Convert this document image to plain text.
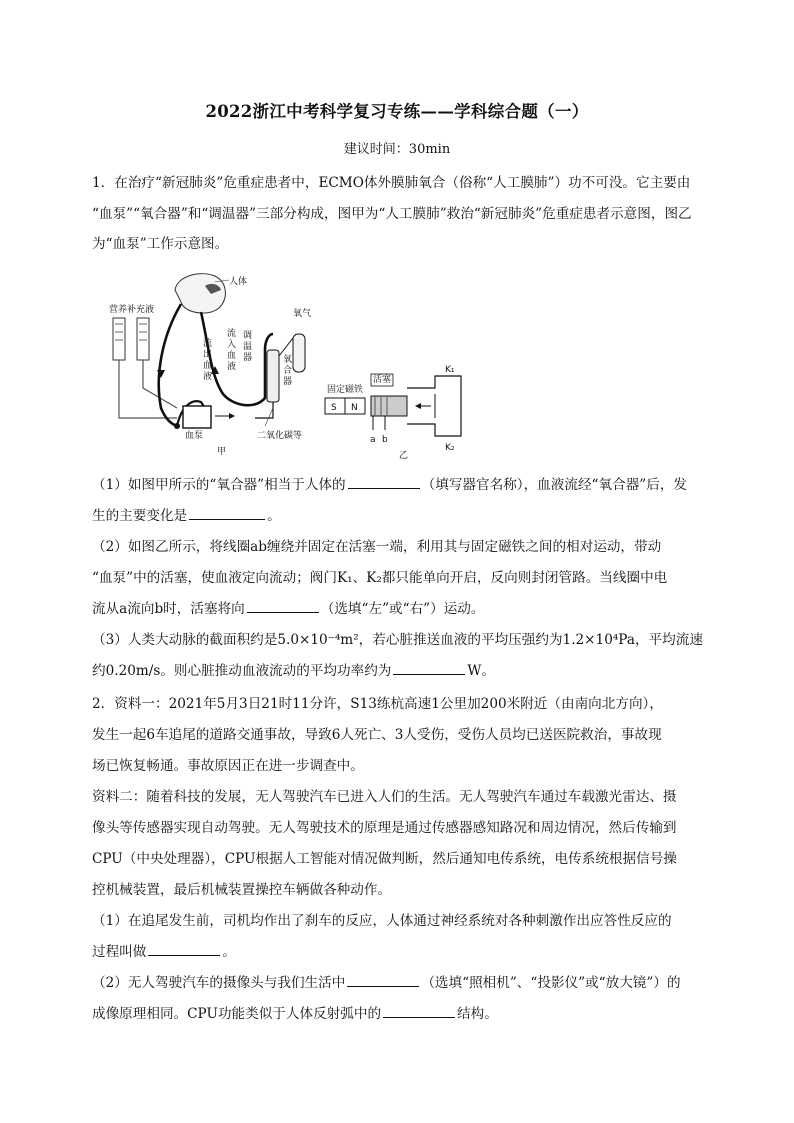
2022浙江中考科学复习专练——学科综合题（一）
建议时间：30min
1．在治疗“新冠肺炎”危重症患者中，ECMO体外膜肺氧合（俗称“人工膜肺”）功不可没。它主要由
“血泵”“氧合器”和“调温器”三部分构成，图甲为“人工膜肺”救治“新冠肺炎”危重症患者示意图，图乙
为“血泵”工作示意图。
人体
营养补充液
流出血液
流入血液
调温器	氧合器
氧气
血泵	二氧化碳等
甲
固定磁铁
S N
活塞
a b
K₁
K₂
乙
（1）如图甲所示的“氧合器”相当于人体的	（填写器官名称），血液流经“氧合器”后，发
生的主要变化是	。
（2）如图乙所示，将线圈ab缠绕并固定在活塞一端，利用其与固定磁铁之间的相对运动，带动
“血泵”中的活塞，使血液定向流动；阀门K₁、K₂都只能单向开启，反向则封闭管路。当线圈中电
流从a流向b时，活塞将向	（选填“左”或“右”）运动。
（3）人类大动脉的截面积约是5.0×10⁻⁴m²，若心脏推送血液的平均压强约为1.2×10⁴Pa，平均流速
约0.20m/s。则心脏推动血液流动的平均功率约为	W。
2．资料一：2021年5月3日21时11分许，S13练杭高速1公里加200米附近（由南向北方向），
发生一起6车追尾的道路交通事故，导致6人死亡、3人受伤，受伤人员均已送医院救治，事故现
场已恢复畅通。事故原因正在进一步调查中。
资料二：随着科技的发展，无人驾驶汽车已进入人们的生活。无人驾驶汽车通过车载激光雷达、摄
像头等传感器实现自动驾驶。无人驾驶技术的原理是通过传感器感知路况和周边情况，然后传输到
CPU（中央处理器），CPU根据人工智能对情况做判断，然后通知电传系统，电传系统根据信号操
控机械装置，最后机械装置操控车辆做各种动作。
（1）在追尾发生前，司机均作出了刹车的反应，人体通过神经系统对各种刺激作出应答性反应的
过程叫做	。
（2）无人驾驶汽车的摄像头与我们生活中	（选填“照相机”、“投影仪”或“放大镜”）的
成像原理相同。CPU功能类似于人体反射弧中的	结构。
